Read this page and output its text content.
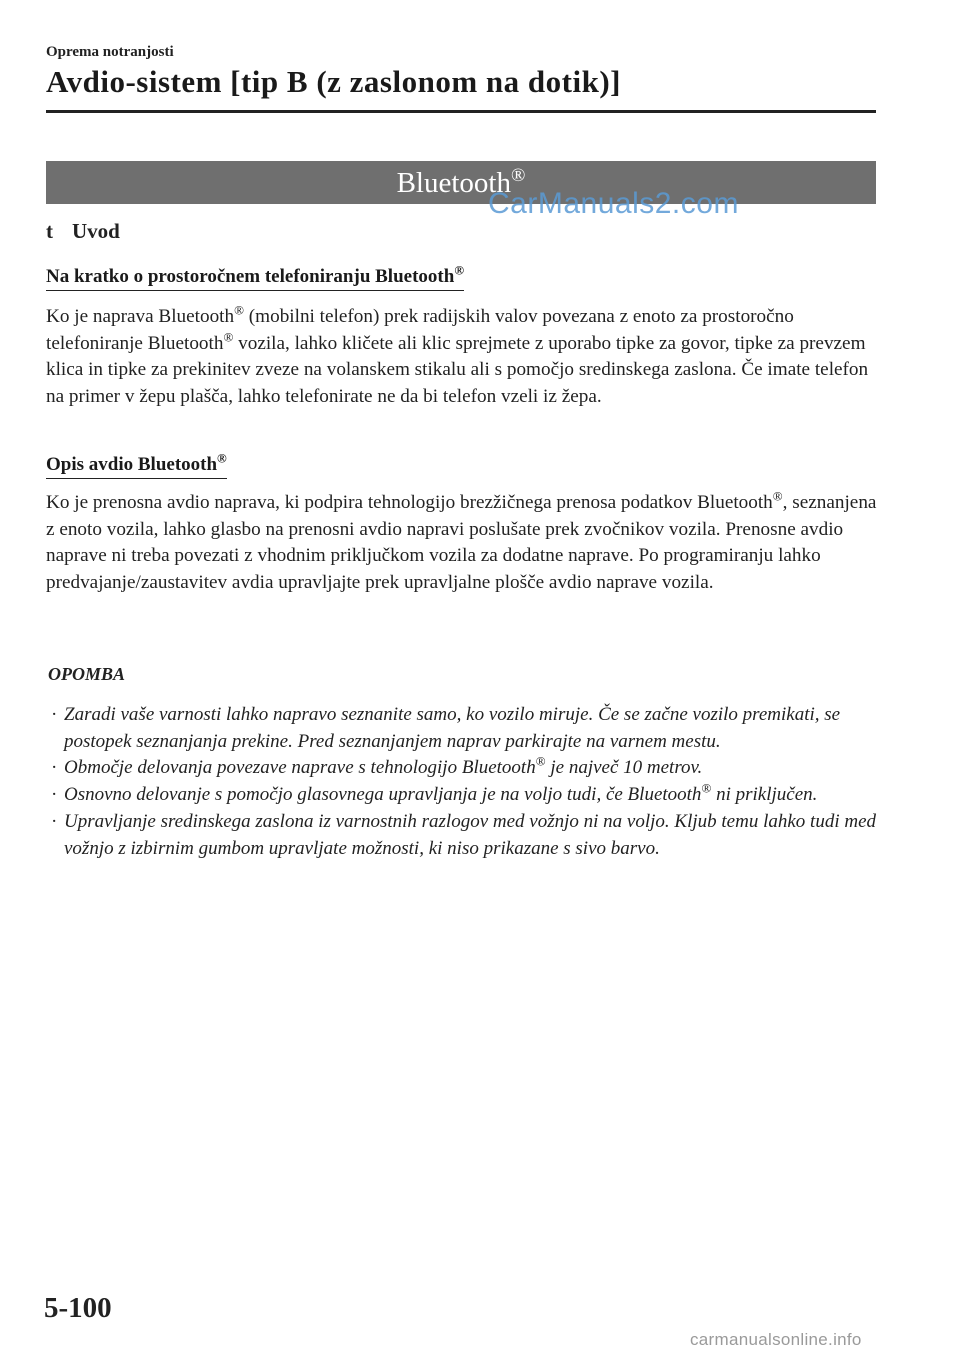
Oprema notranjosti
Avdio-sistem [tip B (z zaslonom na dotik)]
Bluetooth®
CarManuals2.com
t Uvod
Na kratko o prostoročnem telefoniranju Bluetooth®
Ko je naprava Bluetooth® (mobilni telefon) prek radijskih valov povezana z enoto za prostoročno telefoniranje Bluetooth® vozila, lahko kličete ali klic sprejmete z uporabo tipke za govor, tipke za prevzem klica in tipke za prekinitev zveze na volanskem stikalu ali s pomočjo sredinskega zaslona. Če imate telefon na primer v žepu plašča, lahko telefonirate ne da bi telefon vzeli iz žepa.
Opis avdio Bluetooth®
Ko je prenosna avdio naprava, ki podpira tehnologijo brezžičnega prenosa podatkov Bluetooth®, seznanjena z enoto vozila, lahko glasbo na prenosni avdio napravi poslušate prek zvočnikov vozila. Prenosne avdio naprave ni treba povezati z vhodnim priključkom vozila za dodatne naprave. Po programiranju lahko predvajanje/zaustavitev avdia upravljajte prek upravljalne plošče avdio naprave vozila.
OPOMBA
· Zaradi vaše varnosti lahko napravo seznanite samo, ko vozilo miruje. Če se začne vozilo premikati, se postopek seznanjanja prekine. Pred seznanjanjem naprav parkirajte na varnem mestu.
· Območje delovanja povezave naprave s tehnologijo Bluetooth® je največ 10 metrov.
· Osnovno delovanje s pomočjo glasovnega upravljanja je na voljo tudi, če Bluetooth® ni priključen.
· Upravljanje sredinskega zaslona iz varnostnih razlogov med vožnjo ni na voljo. Kljub temu lahko tudi med vožnjo z izbirnim gumbom upravljate možnosti, ki niso prikazane s sivo barvo.
5-100
carmanualsonline.info
